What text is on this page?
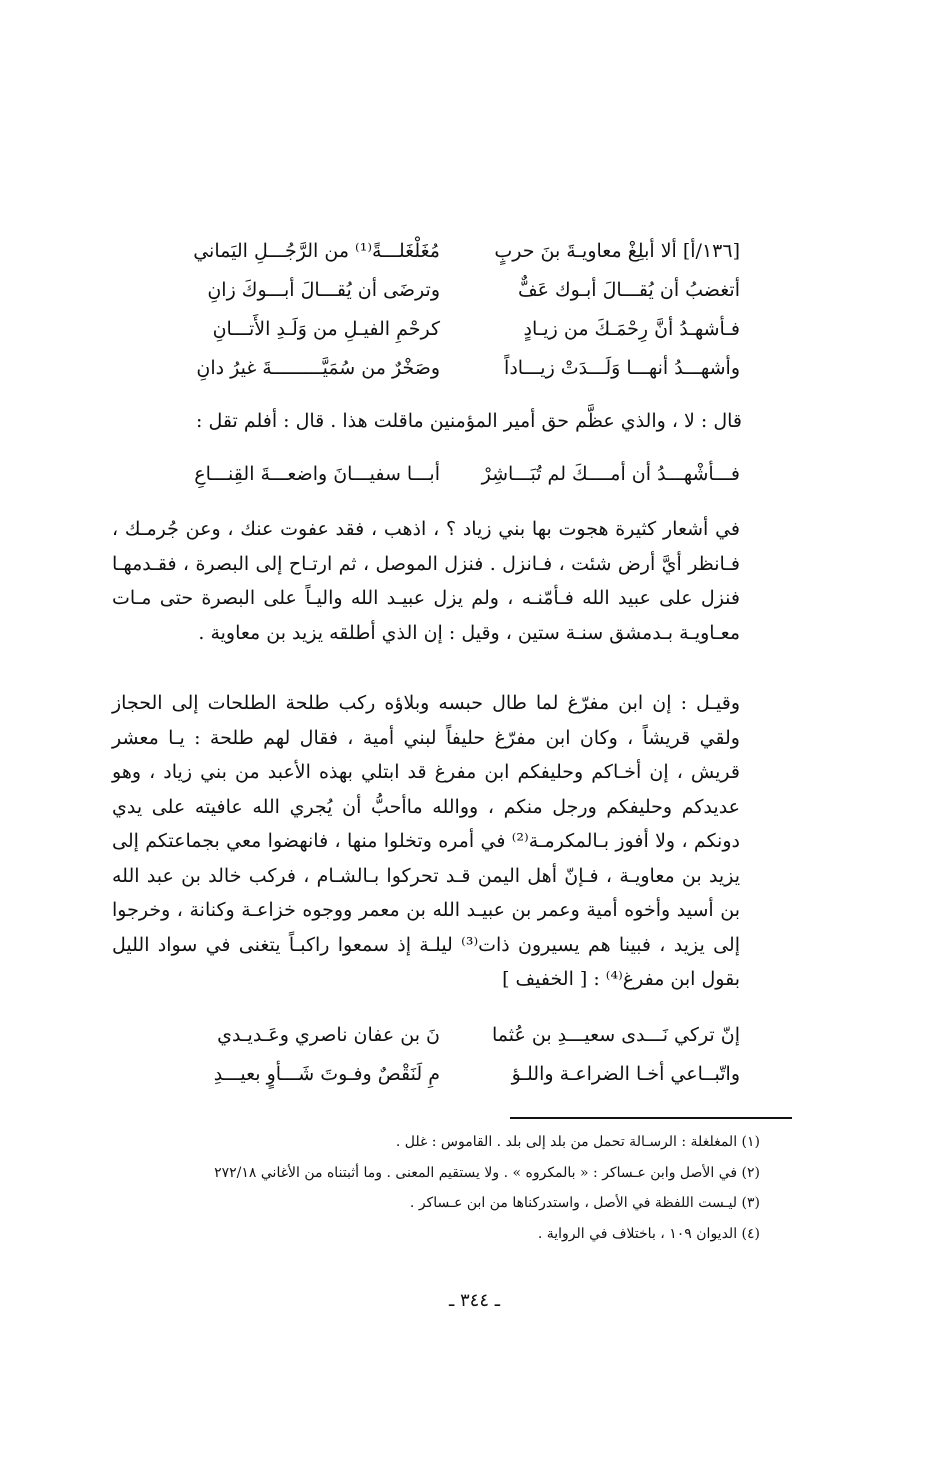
[١٣٦/أ] ألا أبلِغْ معاويـةَ بنَ حربٍ
مُغَلْغَلـــةً⁽¹⁾ من الرَّجُـــلِ اليَماني
أتغضبُ أن يُقـــالَ أبـوك عَفٌّ
وترضَى أن يُقـــالَ أبـــوكَ زانِ
فـأشهـدُ أنَّ رِحْمَـكَ من زيـادٍ
كرحْمِ الفيـلِ من وَلَـدِ الأَتـــانِ
وأشهـــدُ أنهـــا وَلَـــدَتْ زيـــاداً
وصَخْرٌ من سُمَيَّـــــــــةَ غيرُ دانِ
قال : لا ، والذي عظَّم حق أمير المؤمنين ماقلت هذا . قال : أفلم تقل :
فـــأشْهـــدُ أن أمــــكَ لم تُبَـــاشِرْ
أبـــا سفيـــانَ واضعـــةَ القِنـــاعِ

في أشعار كثيرة هجوت بها بني زياد ؟ ، اذهب ، فقد عفوت عنك ، وعن جُرمـك ، فـانظر أيَّ أرض شئت ، فـانزل . فنزل الموصل ، ثم ارتـاح إلى البصرة ، فقـدمهـا فنزل على عبيد الله فـأمّنـه ، ولم يزل عبيـد الله واليـاً على البصرة حتى مـات معـاويـة بـدمشق سنـة ستين ، وقيل : إن الذي أطلقه يزيد بن معاوية .

وقيـل : إن ابن مفرّغ لما طال حبسه وبلاؤه ركب طلحة الطلحات إلى الحجاز ولقي قريشاً ، وكان ابن مفرّغ حليفاً لبني أمية ، فقال لهم طلحة : يـا معشر قريش ، إن أخـاكم وحليفكم ابن مفرغ قد ابتلي بهذه الأعبد من بني زياد ، وهو عديدكم وحليفكم ورجل منكم ، ووالله ماأحبُّ أن يُجري الله عافيته على يدي دونكم ، ولا أفوز بـالمكرمـة⁽²⁾ في أمره وتخلوا منها ، فانهضوا معي بجماعتكم إلى يزيد بن معاويـة ، فـإنّ أهل اليمن قـد تحركوا بـالشـام ، فركب خالد بن عبد الله بن أسيد وأخوه أمية وعمر بن عبيـد الله بن معمر ووجوه خزاعـة وكنانة ، وخرجوا إلى يزيد ، فبينا هم يسيرون ذات⁽³⁾ ليلـة إذ سمعوا راكبـاً يتغنى في سواد الليل بقول ابن مفرغ⁽⁴⁾ : [ الخفيف ]

إنّ تركي نَـــدى سعيـــدِ بن عُثما
نَ بن عفان ناصري وعَـديـدي
واتّبــاعي أخـا الضراعـة واللـؤ
مِ لَنَقْصٌ وفـوتَ شَـــأوٍ بعيـــدِ
(١) المغلغلة : الرسـالة تحمل من بلد إلى بلد . القاموس : غلل .
(٢) في الأصل وابن عـساكر : « بالمكروه » . ولا يستقيم المعنى . وما أثبتناه من الأغاني ٢٧٢/١٨
(٣) ليـست اللفظة في الأصل ، واستدركناها من ابن عـساكر .
(٤) الديوان ١٠٩ ، باختلاف في الرواية .
ـ ٣٤٤ ـ
